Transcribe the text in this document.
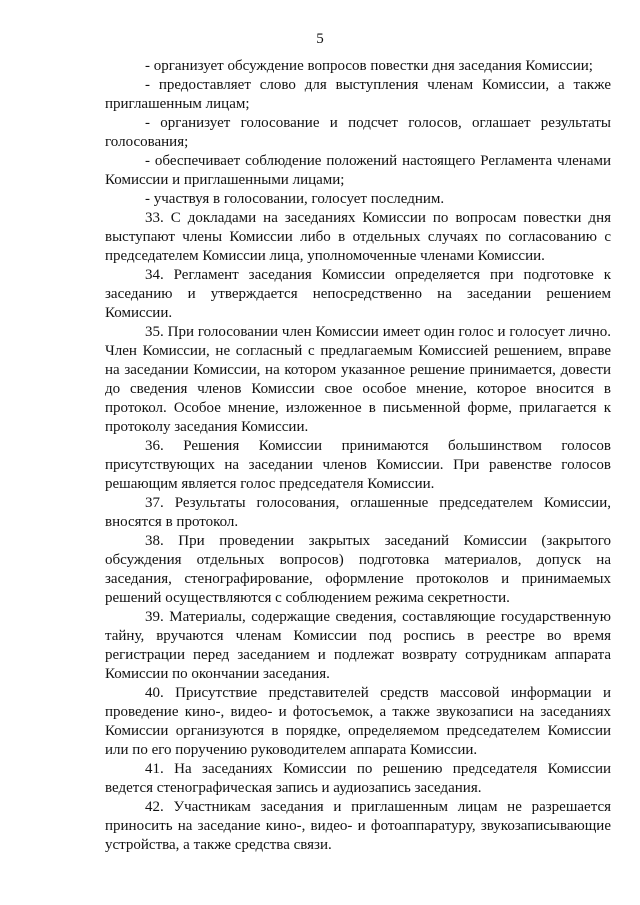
5

- организует обсуждение вопросов повестки дня заседания Комиссии;

- предоставляет слово для выступления членам Комиссии, а также приглашенным лицам;

- организует голосование и подсчет голосов, оглашает результаты голосования;

- обеспечивает соблюдение положений настоящего Регламента членами Комиссии и приглашенными лицами;

- участвуя в голосовании, голосует последним.

33. С докладами на заседаниях Комиссии по вопросам повестки дня выступают члены Комиссии либо в отдельных случаях по согласованию с председателем Комиссии лица, уполномоченные членами Комиссии.

34. Регламент заседания Комиссии определяется при подготовке к заседанию и утверждается непосредственно на заседании решением Комиссии.

35. При голосовании член Комиссии имеет один голос и голосует лично. Член Комиссии, не согласный с предлагаемым Комиссией решением, вправе на заседании Комиссии, на котором указанное решение принимается, довести до сведения членов Комиссии свое особое мнение, которое вносится в протокол. Особое мнение, изложенное в письменной форме, прилагается к протоколу заседания Комиссии.

36. Решения Комиссии принимаются большинством голосов присутствующих на заседании членов Комиссии. При равенстве голосов решающим является голос председателя Комиссии.

37. Результаты голосования, оглашенные председателем Комиссии, вносятся в протокол.

38. При проведении закрытых заседаний Комиссии (закрытого обсуждения отдельных вопросов) подготовка материалов, допуск на заседания, стенографирование, оформление протоколов и принимаемых решений осуществляются с соблюдением режима секретности.

39. Материалы, содержащие сведения, составляющие государственную тайну, вручаются членам Комиссии под роспись в реестре во время регистрации перед заседанием и подлежат возврату сотрудникам аппарата Комиссии по окончании заседания.

40. Присутствие представителей средств массовой информации и проведение кино-, видео- и фотосъемок, а также звукозаписи на заседаниях Комиссии организуются в порядке, определяемом председателем Комиссии или по его поручению руководителем аппарата Комиссии.

41. На заседаниях Комиссии по решению председателя Комиссии ведется стенографическая запись и аудиозапись заседания.

42. Участникам заседания и приглашенным лицам не разрешается приносить на заседание кино-, видео- и фотоаппаратуру, звукозаписывающие устройства, а также средства связи.
